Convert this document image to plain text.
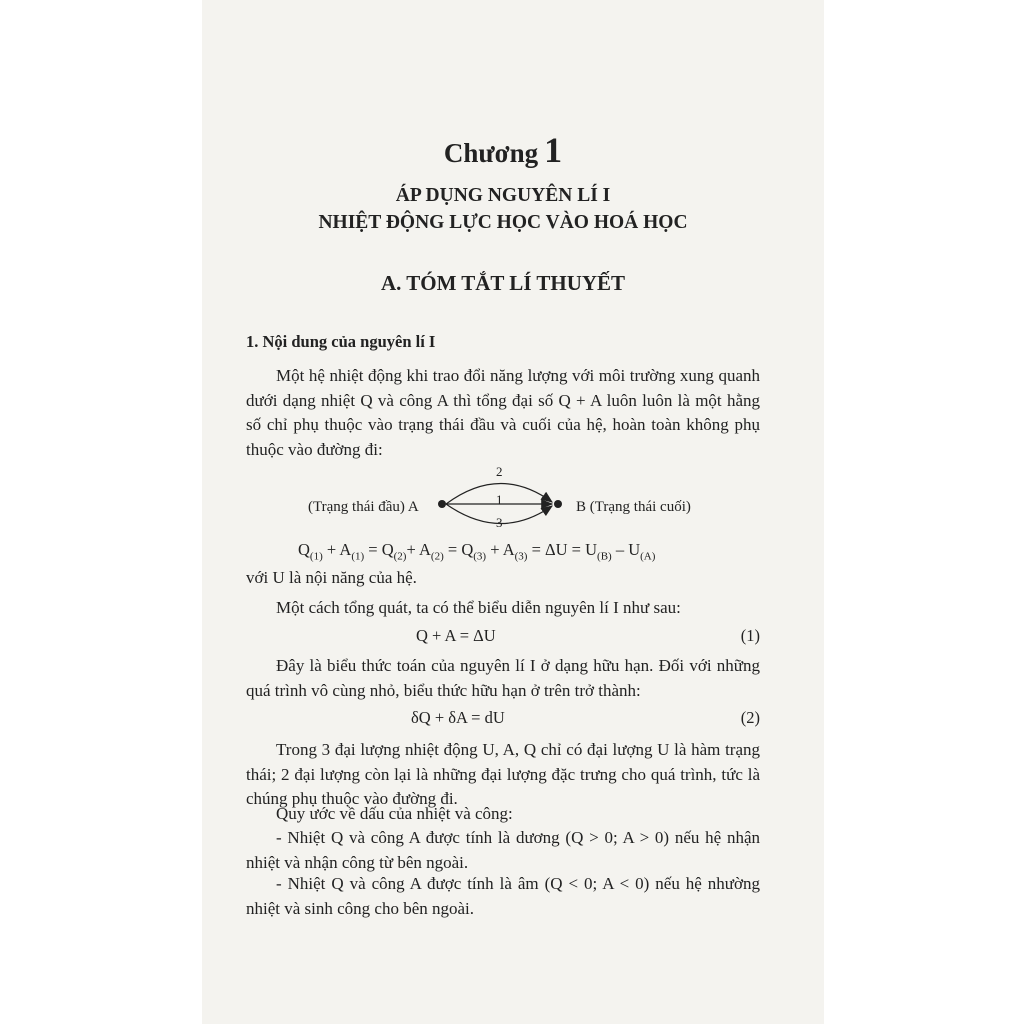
Chương 1
ÁP DỤNG NGUYÊN LÍ I
NHIỆT ĐỘNG LỰC HỌC VÀO HOÁ HỌC
A. TÓM TẮT LÍ THUYẾT
1. Nội dung của nguyên lí I
Một hệ nhiệt động khi trao đổi năng lượng với môi trường xung quanh dưới dạng nhiệt Q và công A thì tổng đại số Q + A luôn luôn là một hằng số chỉ phụ thuộc vào trạng thái đầu và cuối của hệ, hoàn toàn không phụ thuộc vào đường đi:
(Trạng thái đầu) A	B (Trạng thái cuối)
2
1
3
$Q_{(1)} + A_{(1)} = Q_{(2)}+ A_{(2)} = Q_{(3)} + A_{(3)} = \Delta U = U_{(B)} - U_{(A)}$
với U là nội năng của hệ.
Một cách tổng quát, ta có thể biểu diễn nguyên lí I như sau:
Q + A = ΔU	(1)
Đây là biểu thức toán của nguyên lí I ở dạng hữu hạn. Đối với những quá trình vô cùng nhỏ, biểu thức hữu hạn ở trên trở thành:
δQ + δA = dU	(2)
Trong 3 đại lượng nhiệt động U, A, Q chỉ có đại lượng U là hàm trạng thái; 2 đại lượng còn lại là những đại lượng đặc trưng cho quá trình, tức là chúng phụ thuộc vào đường đi.
Quy ước về dấu của nhiệt và công:
- Nhiệt Q và công A được tính là dương (Q > 0; A > 0) nếu hệ nhận nhiệt và nhận công từ bên ngoài.
- Nhiệt Q và công A được tính là âm (Q < 0; A < 0) nếu hệ nhường nhiệt và sinh công cho bên ngoài.
